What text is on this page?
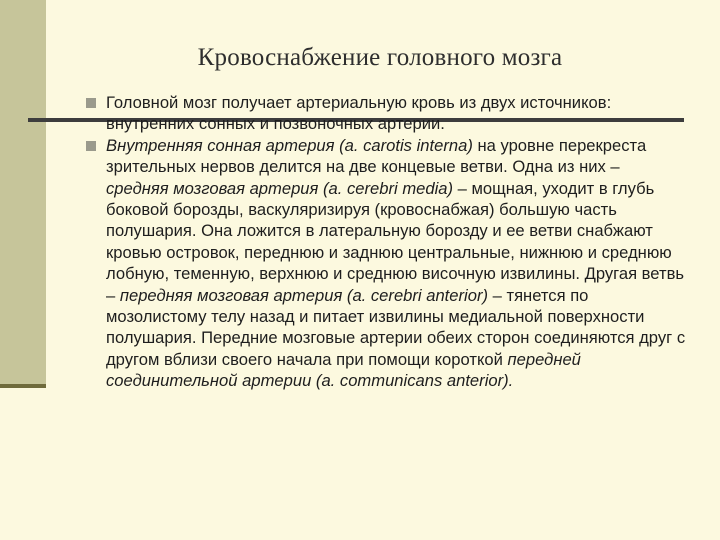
Кровоснабжение головного мозга

Головной мозг получает артериальную кровь из двух источников: внутренних сонных и позвоночных артерии.

Внутренняя сонная артерия (a. carotis interna) на уровне перекреста зрительных нервов делится на две концевые ветви. Одна из них – средняя мозговая артерия (a. cerebri media) – мощная, уходит в глубь боковой борозды, васкуляризируя (кровоснабжая) большую часть полушария. Она ложится в латеральную борозду и ее ветви снабжают кровью островок, переднюю и заднюю центральные, нижнюю и среднюю лобную, теменную, верхнюю и среднюю височную извилины. Другая ветвь – передняя мозговая артерия (a. cerebri anterior) – тянется по мозолистому телу назад и питает извилины медиальной поверхности полушария. Передние мозговые артерии обеих сторон соединяются друг с другом вблизи своего начала при помощи короткой передней соединительной артерии (a. communicans anterior).
